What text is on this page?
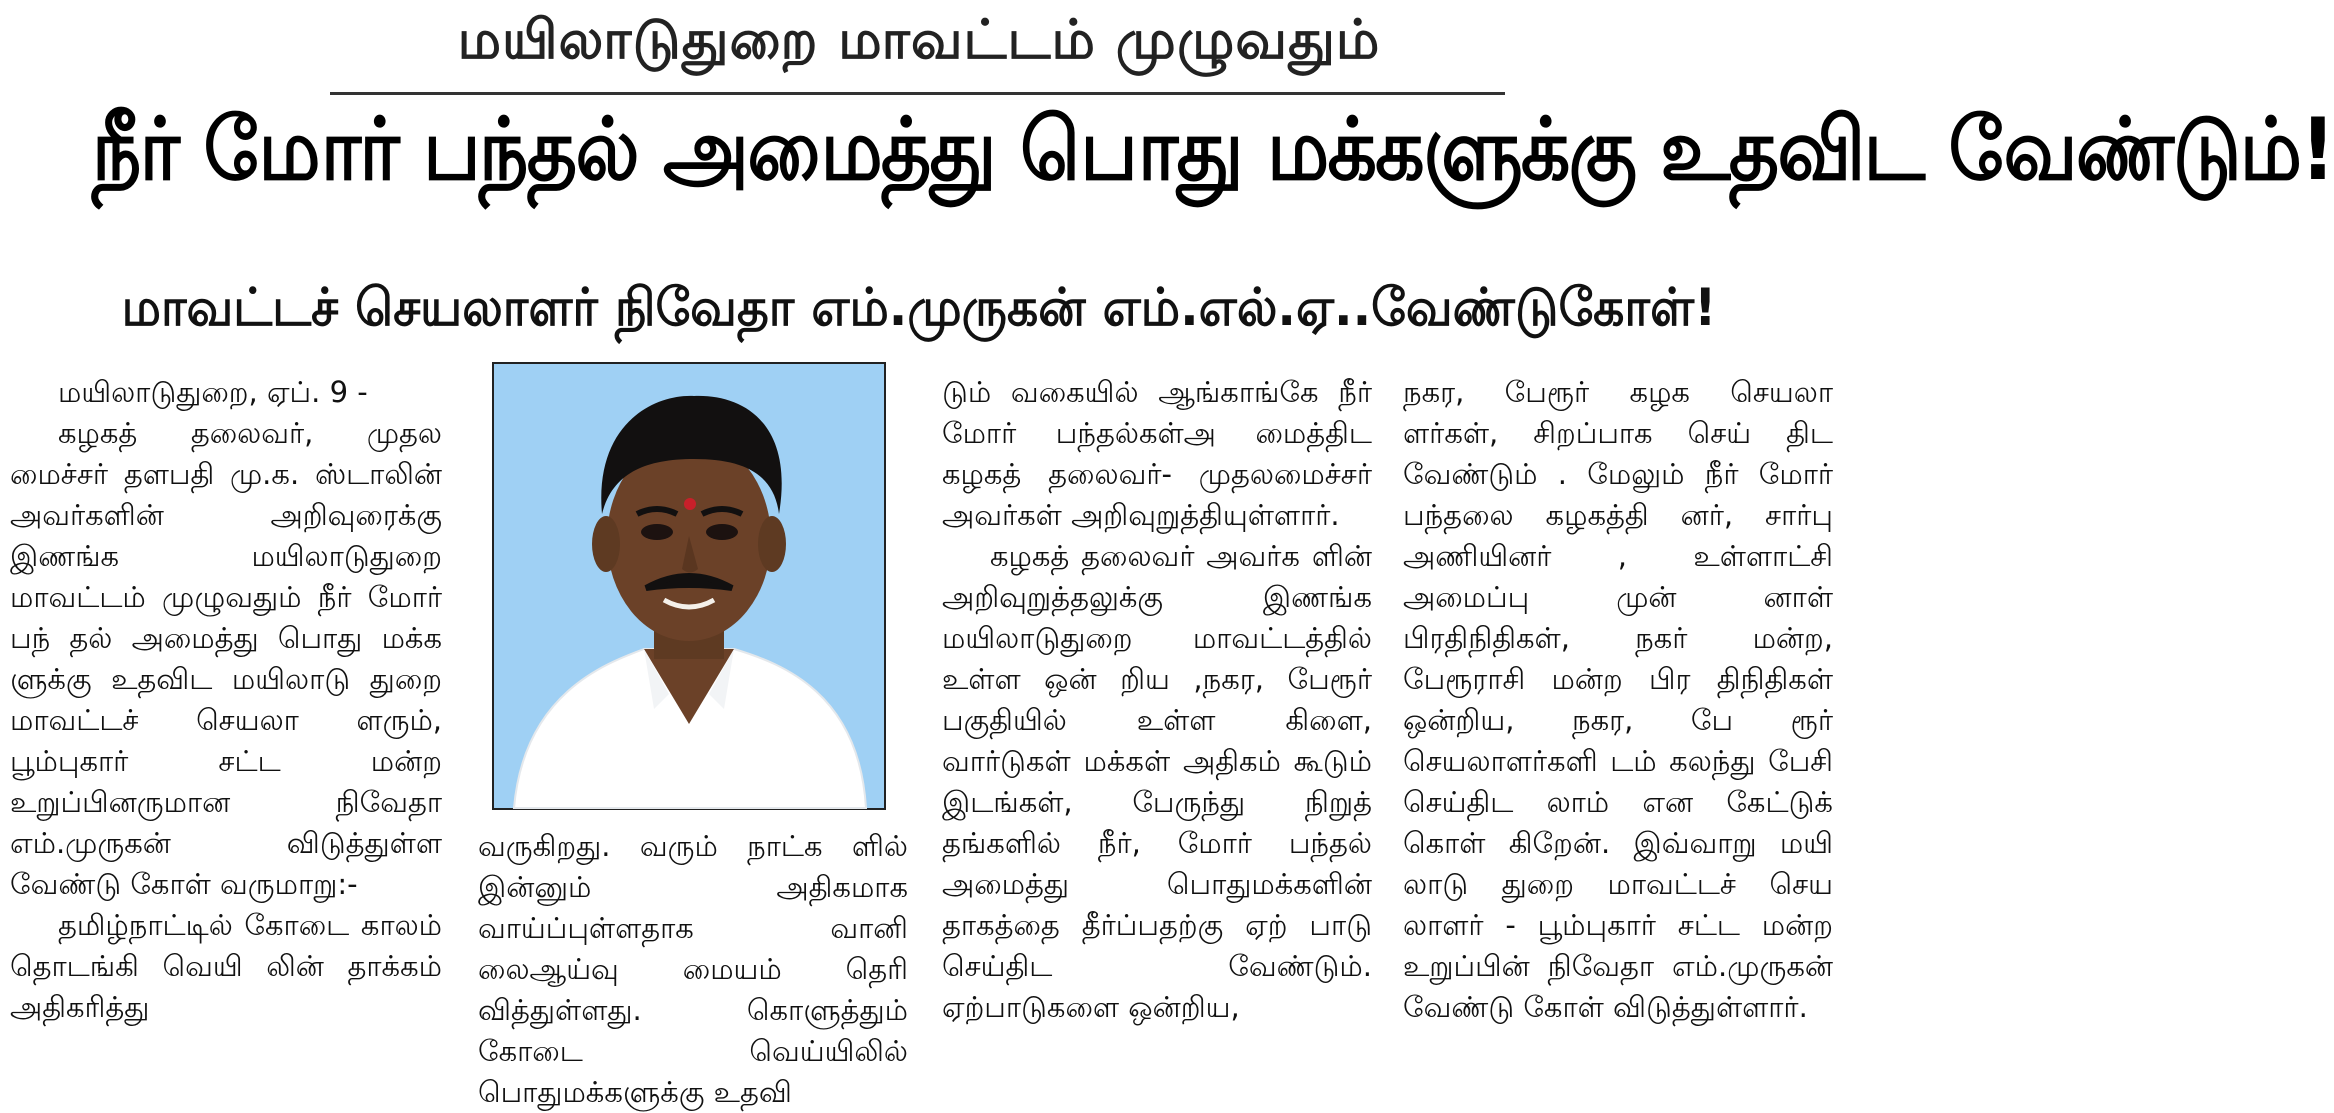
மயிலாடுதுறை மாவட்டம் முழுவதும்
நீர் மோர் பந்தல் அமைத்து பொது மக்களுக்கு உதவிட வேண்டும்!
மாவட்டச் செயலாளர் நிவேதா எம்.முருகன் எம்.எல்.ஏ..வேண்டுகோள்!

மயிலாடுதுறை, ஏப். 9 -

கழகத் தலைவர், முதல மைச்சர் தளபதி மு.க. ஸ்டாலின் அவர்களின் அறிவுரைக்கு இணங்க மயிலாடுதுறை மாவட்டம் முழுவதும் நீர் மோர் பந் தல் அமைத்து பொது மக்க ளுக்கு உதவிட மயிலாடு துறை மாவட்டச் செயலா ளரும், பூம்புகார் சட்ட மன்ற உறுப்பினருமான நிவேதா எம்.முருகன் விடுத்துள்ள வேண்டு கோள் வருமாறு:-

தமிழ்நாட்டில் கோடை காலம் தொடங்கி வெயி லின் தாக்கம் அதிகரித்து

வருகிறது. வரும் நாட்க ளில் இன்னும் அதிகமாக வாய்ப்புள்ளதாக வானி லைஆய்வு மையம் தெரி வித்துள்ளது. கொளுத்தும் கோடை வெய்யிலில் பொதுமக்களுக்கு உதவி

டும் வகையில் ஆங்காங்கே நீர் மோர் பந்தல்கள்அ மைத்திட கழகத் தலைவர்- முதலமைச்சர் அவர்கள் அறிவுறுத்தியுள்ளார்.

கழகத் தலைவர் அவர்க ளின் அறிவுறுத்தலுக்கு இணங்க மயிலாடுதுறை மாவட்டத்தில் உள்ள ஒன் றிய ,நகர, பேரூர் பகுதியில் உள்ள கிளை, வார்டுகள் மக்கள் அதிகம் கூடும் இடங்கள், பேருந்து நிறுத் தங்களில் நீர், மோர் பந்தல் அமைத்து பொதுமக்களின் தாகத்தை தீர்ப்பதற்கு ஏற் பாடு செய்திட வேண்டும். ஏற்பாடுகளை ஒன்றிய,

நகர, பேரூர் கழக செயலா ளர்கள், சிறப்பாக செய் திட வேண்டும் . மேலும் நீர் மோர் பந்தலை கழகத்தி னர், சார்பு அணியினர் , உள்ளாட்சி அமைப்பு முன் னாள் பிரதிநிதிகள், நகர் மன்ற, பேரூராசி மன்ற பிர திநிதிகள் ஒன்றிய, நகர, பே ரூர் செயலாளர்களி டம் கலந்து பேசி செய்திட லாம் என கேட்டுக் கொள் கிறேன். இவ்வாறு மயி லாடு துறை மாவட்டச் செய லாளர் - பூம்புகார் சட்ட மன்ற உறுப்பின் நிவேதா எம்.முருகன் வேண்டு கோள் விடுத்துள்ளார்.
